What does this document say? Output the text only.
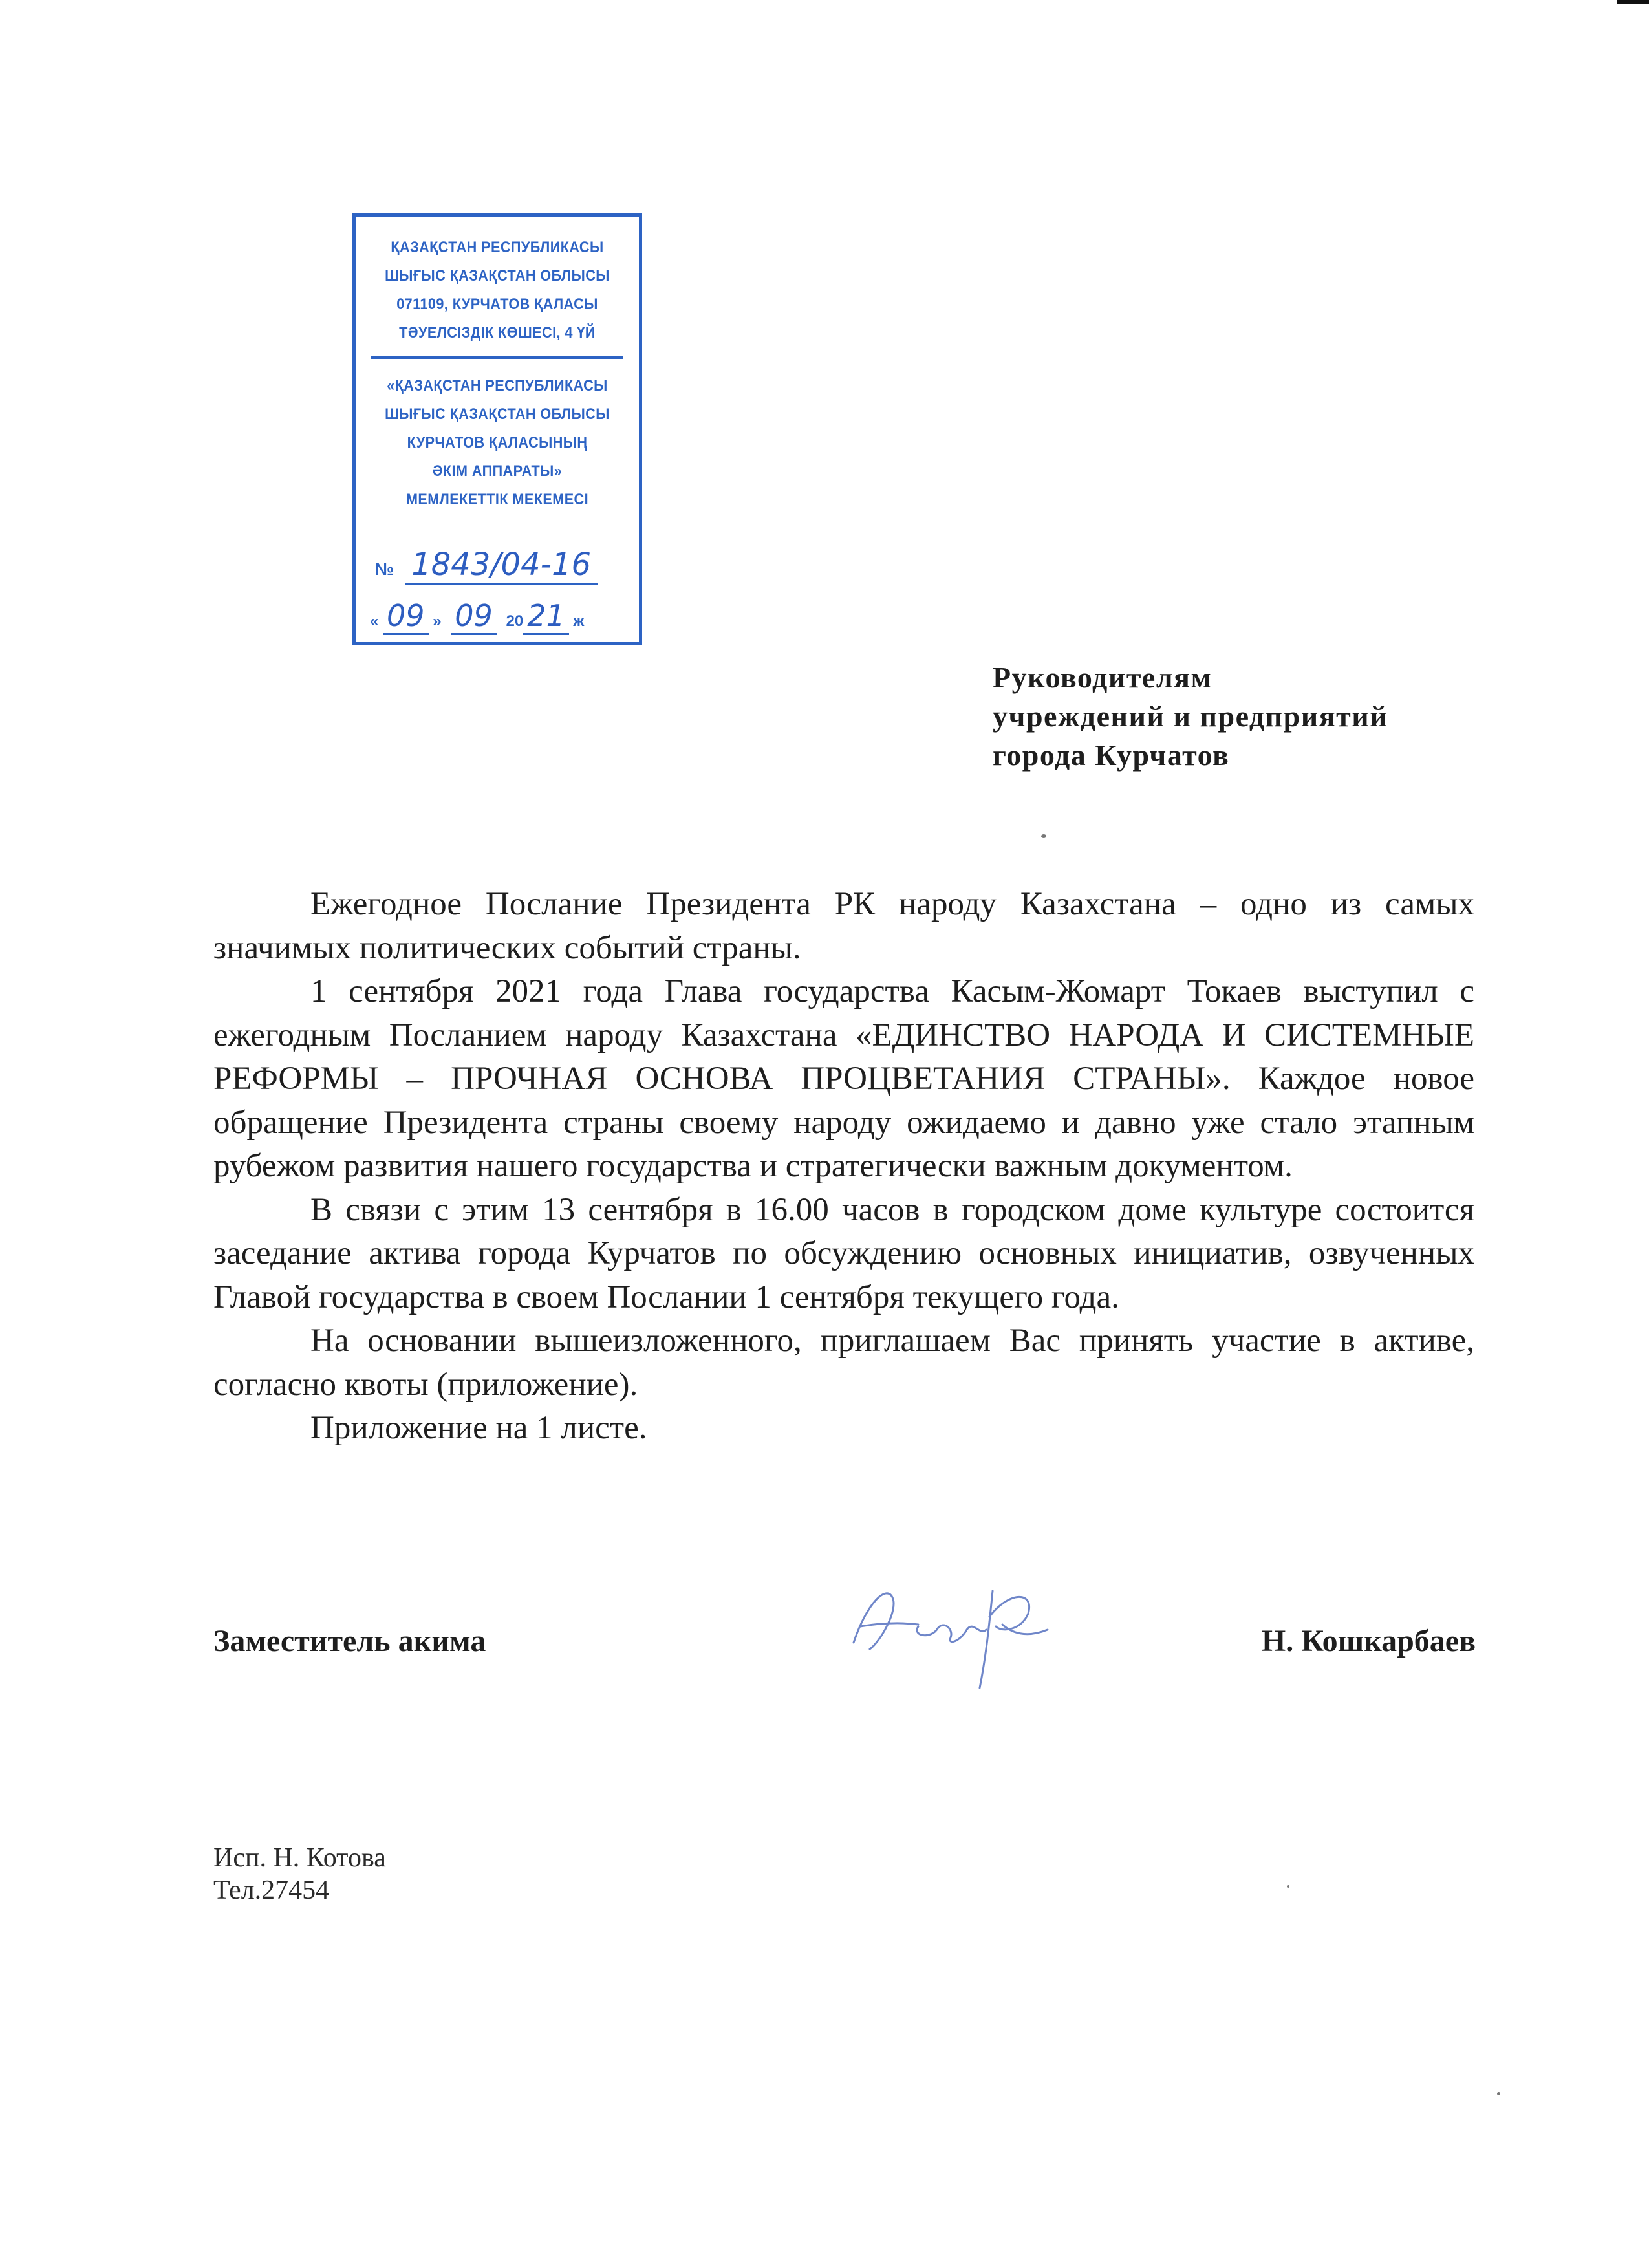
ҚАЗАҚСТАН РЕСПУБЛИКАСЫ
ШЫҒЫС ҚАЗАҚСТАН ОБЛЫСЫ
071109, КУРЧАТОВ ҚАЛАСЫ
ТӘУЕЛСІЗДІК КӨШЕСІ, 4 ҮЙ
«ҚАЗАҚСТАН РЕСПУБЛИКАСЫ
ШЫҒЫС ҚАЗАҚСТАН ОБЛЫСЫ
КУРЧАТОВ ҚАЛАСЫНЫҢ
ӘКІМ АППАРАТЫ»
МЕМЛЕКЕТТІК МЕКЕМЕСІ
№ 1843/04-16
« 09 » 09 20 21 ж
Руководителям
учреждений и предприятий
города Курчатов

Ежегодное Послание Президента РК народу Казахстана – одно из самых значимых политических событий страны.

1 сентября 2021 года Глава государства Касым-Жомарт Токаев выступил с ежегодным Посланием народу Казахстана «ЕДИНСТВО НАРОДА И СИСТЕМНЫЕ РЕФОРМЫ – ПРОЧНАЯ ОСНОВА ПРОЦВЕТАНИЯ СТРАНЫ». Каждое новое обращение Президента страны своему народу ожидаемо и давно уже стало этапным рубежом развития нашего государства и стратегически важным документом.

В связи с этим 13 сентября в 16.00 часов в городском доме культуре состоится заседание актива города Курчатов по обсуждению основных инициатив, озвученных Главой государства в своем Послании 1 сентября текущего года.

На основании вышеизложенного, приглашаем Вас принять участие в активе, согласно квоты (приложение).

Приложение на 1 листе.

Заместитель акима	Н. Кошкарбаев
Исп. Н. Котова
Тел.27454
